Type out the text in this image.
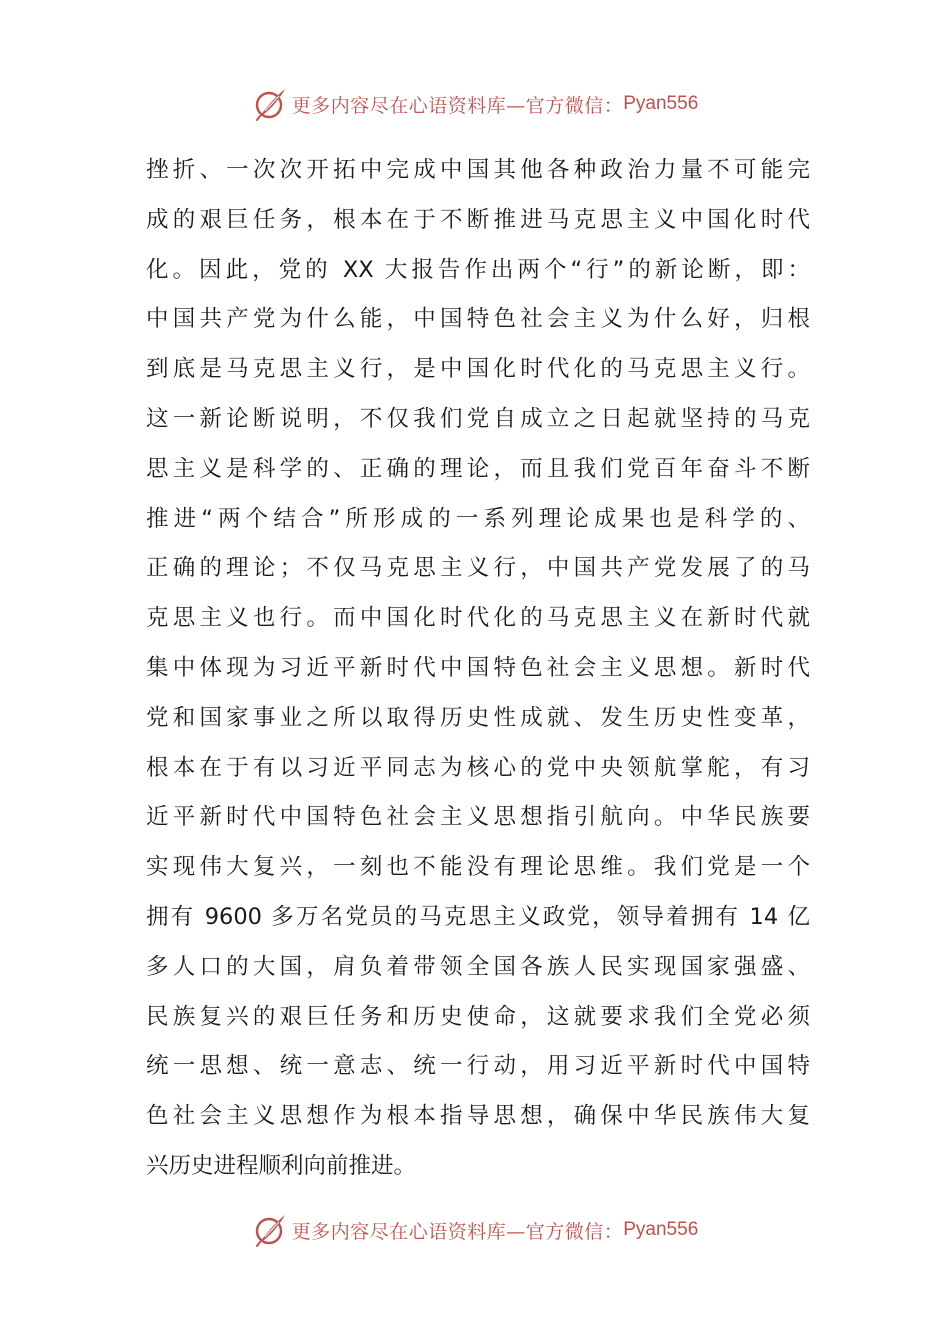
更多内容尽在心语资料库—官方微信： Pyan556
挫折、一次次开拓中完成中国其他各种政治力量不可能完
成的艰巨任务，根本在于不断推进马克思主义中国化时代
化。因此，党的 XX 大报告作出两个“行”的新论断，即：
中国共产党为什么能，中国特色社会主义为什么好，归根
到底是马克思主义行，是中国化时代化的马克思主义行。
这一新论断说明，不仅我们党自成立之日起就坚持的马克
思主义是科学的、正确的理论，而且我们党百年奋斗不断
推进“两个结合”所形成的一系列理论成果也是科学的、
正确的理论；不仅马克思主义行，中国共产党发展了的马
克思主义也行。而中国化时代化的马克思主义在新时代就
集中体现为习近平新时代中国特色社会主义思想。新时代
党和国家事业之所以取得历史性成就、发生历史性变革，
根本在于有以习近平同志为核心的党中央领航掌舵，有习
近平新时代中国特色社会主义思想指引航向。中华民族要
实现伟大复兴，一刻也不能没有理论思维。我们党是一个
拥有 9600 多万名党员的马克思主义政党，领导着拥有 14 亿
多人口的大国，肩负着带领全国各族人民实现国家强盛、
民族复兴的艰巨任务和历史使命，这就要求我们全党必须
统一思想、统一意志、统一行动，用习近平新时代中国特
色社会主义思想作为根本指导思想，确保中华民族伟大复
兴历史进程顺利向前推进。
更多内容尽在心语资料库—官方微信： Pyan556
